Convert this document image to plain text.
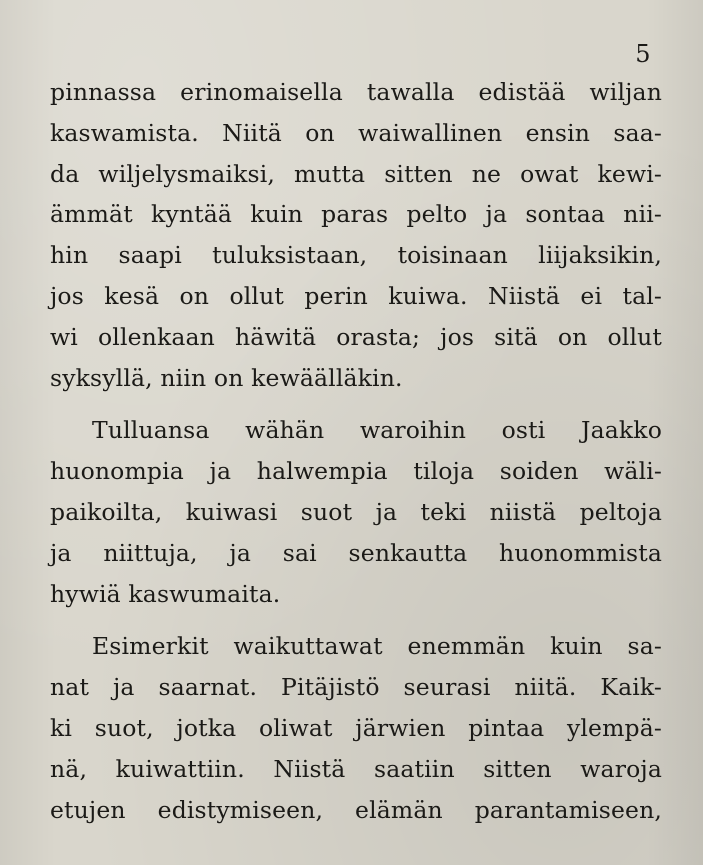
5
pinnassa erinomaisella tawalla edistää wiljan
kaswamista. Niitä on waiwallinen ensin saa-
da wiljelysmaiksi, mutta sitten ne owat kewi-
ämmät kyntää kuin paras pelto ja sontaa nii-
hin saapi tuluksistaan, toisinaan liijaksikin,
jos kesä on ollut perin kuiwa. Niistä ei tal-
wi ollenkaan häwitä orasta; jos sitä on ollut
syksyllä, niin on kewäälläkin.
Tulluansa wähän waroihin osti Jaakko
huonompia ja halwempia tiloja soiden wäli-
paikoilta, kuiwasi suot ja teki niistä peltoja
ja niittuja, ja sai senkautta huonommista
hywiä kaswumaita.
Esimerkit waikuttawat enemmän kuin sa-
nat ja saarnat. Pitäjistö seurasi niitä. Kaik-
ki suot, jotka oliwat järwien pintaa ylempä-
nä, kuiwattiin. Niistä saatiin sitten waroja
etujen edistymiseen, elämän parantamiseen,
